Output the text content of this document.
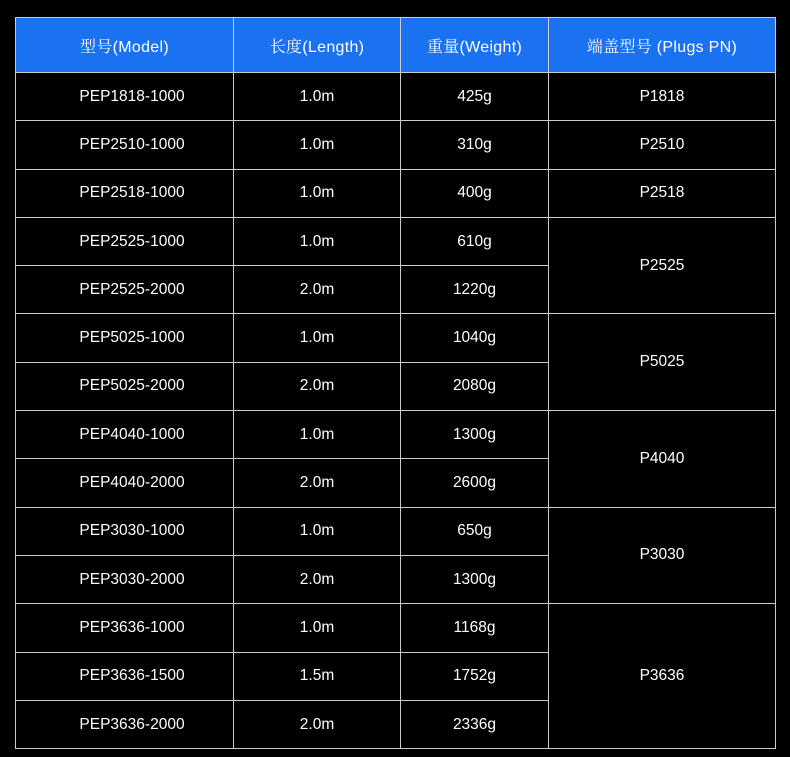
型号(Model)	长度(Length)	重量(Weight)	端盖型号 (Plugs PN)
PEP1818-1000	1.0m	425g	P1818
PEP2510-1000	1.0m	310g	P2510
PEP2518-1000	1.0m	400g	P2518
PEP2525-1000	1.0m	610g	P2525
PEP2525-2000	2.0m	1220g	
PEP5025-1000	1.0m	1040g	P5025
PEP5025-2000	2.0m	2080g	
PEP4040-1000	1.0m	1300g	P4040
PEP4040-2000	2.0m	2600g	
PEP3030-1000	1.0m	650g	P3030
PEP3030-2000	2.0m	1300g	
PEP3636-1000	1.0m	1168g	P3636
PEP3636-1500	1.5m	1752g	
PEP3636-2000	2.0m	2336g	
